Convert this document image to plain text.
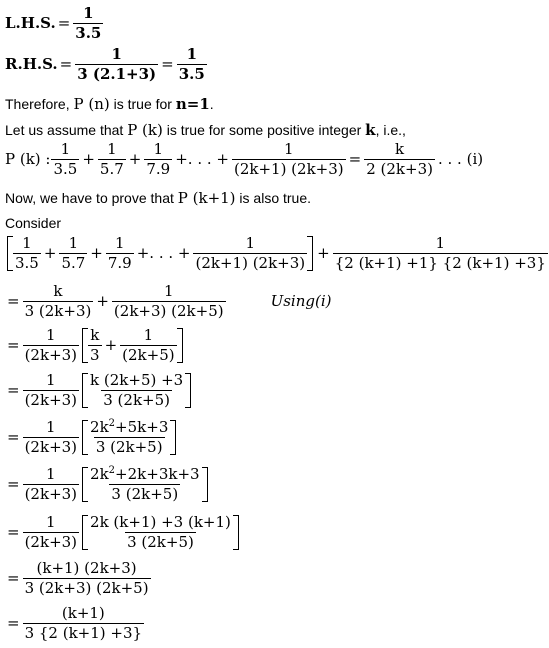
L.H.S. = $\frac{1}{3.5}$
R.H.S. = $\frac{1}{3 (2.1+3)} = \frac{1}{3.5}$
Therefore, P (n) is true for n=1.
Let us assume that P (k) is true for some positive integer k, i.e.,
P (k) : $\frac{1}{3.5} + \frac{1}{5.7} + \frac{1}{7.9}$ +. . . + $\frac{1}{(2k+1) (2k+3)} = \frac{k}{2 (2k+3)}$ . . . (i)
Now, we have to prove that P (k+1) is also true.
Consider
$\frac{1}{3.5} + \frac{1}{5.7} + \frac{1}{7.9}$ +. . . + $\frac{1}{(2k+1) (2k+3)} + \frac{1}{\{2 (k+1) +1\} \{2 (k+1) +3\}}$
= $\frac{k}{3 (2k+3)} + \frac{1}{(2k+3) (2k+5)}$	Using(i)
= $\frac{1}{(2k+3)} \frac{k}{3} + \frac{1}{(2k+5)}$
= $\frac{1}{(2k+3)} \frac{k (2k+5) +3}{3 (2k+5)}$
= $\frac{1}{(2k+3)} \frac{2k^2+5k+3}{3 (2k+5)}$
= $\frac{1}{(2k+3)} \frac{2k^2+2k+3k+3}{3 (2k+5)}$
= $\frac{1}{(2k+3)} \frac{2k (k+1) +3 (k+1)}{3 (2k+5)}$
= $\frac{(k+1) (2k+3)}{3 (2k+3) (2k+5)}$
= $\frac{(k+1)}{3 \{2 (k+1) +3\}}$
